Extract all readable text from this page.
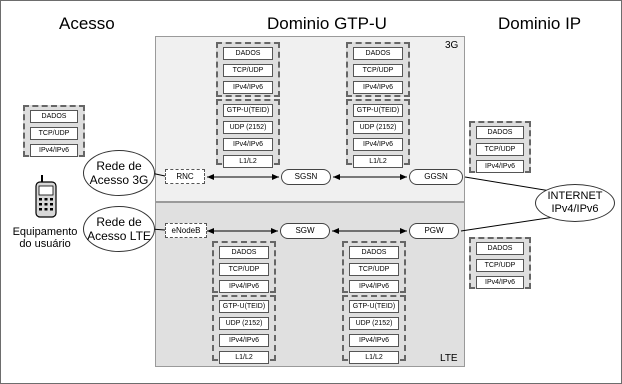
Acesso	Dominio GTP-U	Dominio IP
3G
LTE
DADOS
TCP/UDP
IPv4/IPv6
Equipamento do usuário
Rede de Acesso 3G
Rede de Acesso LTE
RNC	SGSN	GGSN
DADOS
TCP/UDP
IPv4/IPv6
GTP-U(TEID)
UDP (2152)
IPv4/IPv6
L1/L2
DADOS
TCP/UDP
IPv4/IPv6
GTP-U(TEID)
UDP (2152)
IPv4/IPv6
L1/L2
eNodeB	SGW	PGW
DADOS
TCP/UDP
IPv4/IPv6
GTP-U(TEID)
UDP (2152)
IPv4/IPv6
L1/L2
DADOS
TCP/UDP
IPv4/IPv6
GTP-U(TEID)
UDP (2152)
IPv4/IPv6
L1/L2
DADOS
TCP/UDP
IPv4/IPv6
DADOS
TCP/UDP
IPv4/IPv6
INTERNET IPv4/IPv6
